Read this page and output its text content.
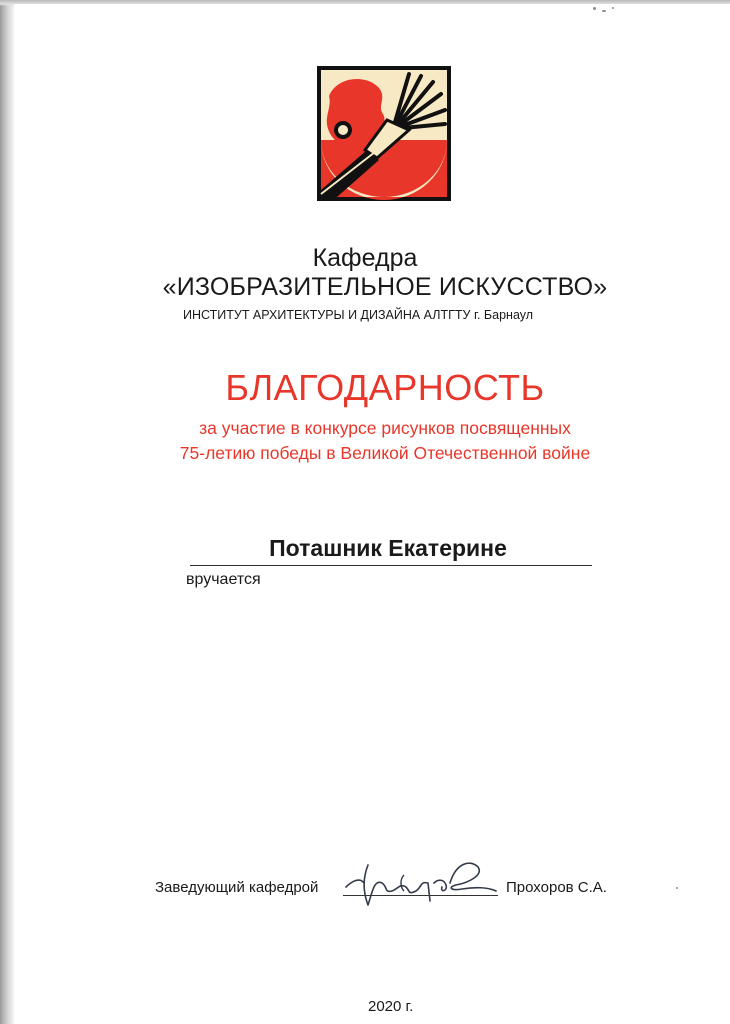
Кафедра
«ИЗОБРАЗИТЕЛЬНОЕ ИСКУССТВО»
ИНСТИТУТ АРХИТЕКТУРЫ И ДИЗАЙНА АЛТГТУ г. Барнаул
БЛАГОДАРНОСТЬ
за участие в конкурсе рисунков посвященных
75-летию победы в Великой Отечественной войне
Поташник Екатерине
вручается
Заведующий кафедрой	Прохоров С.А.
2020 г.
